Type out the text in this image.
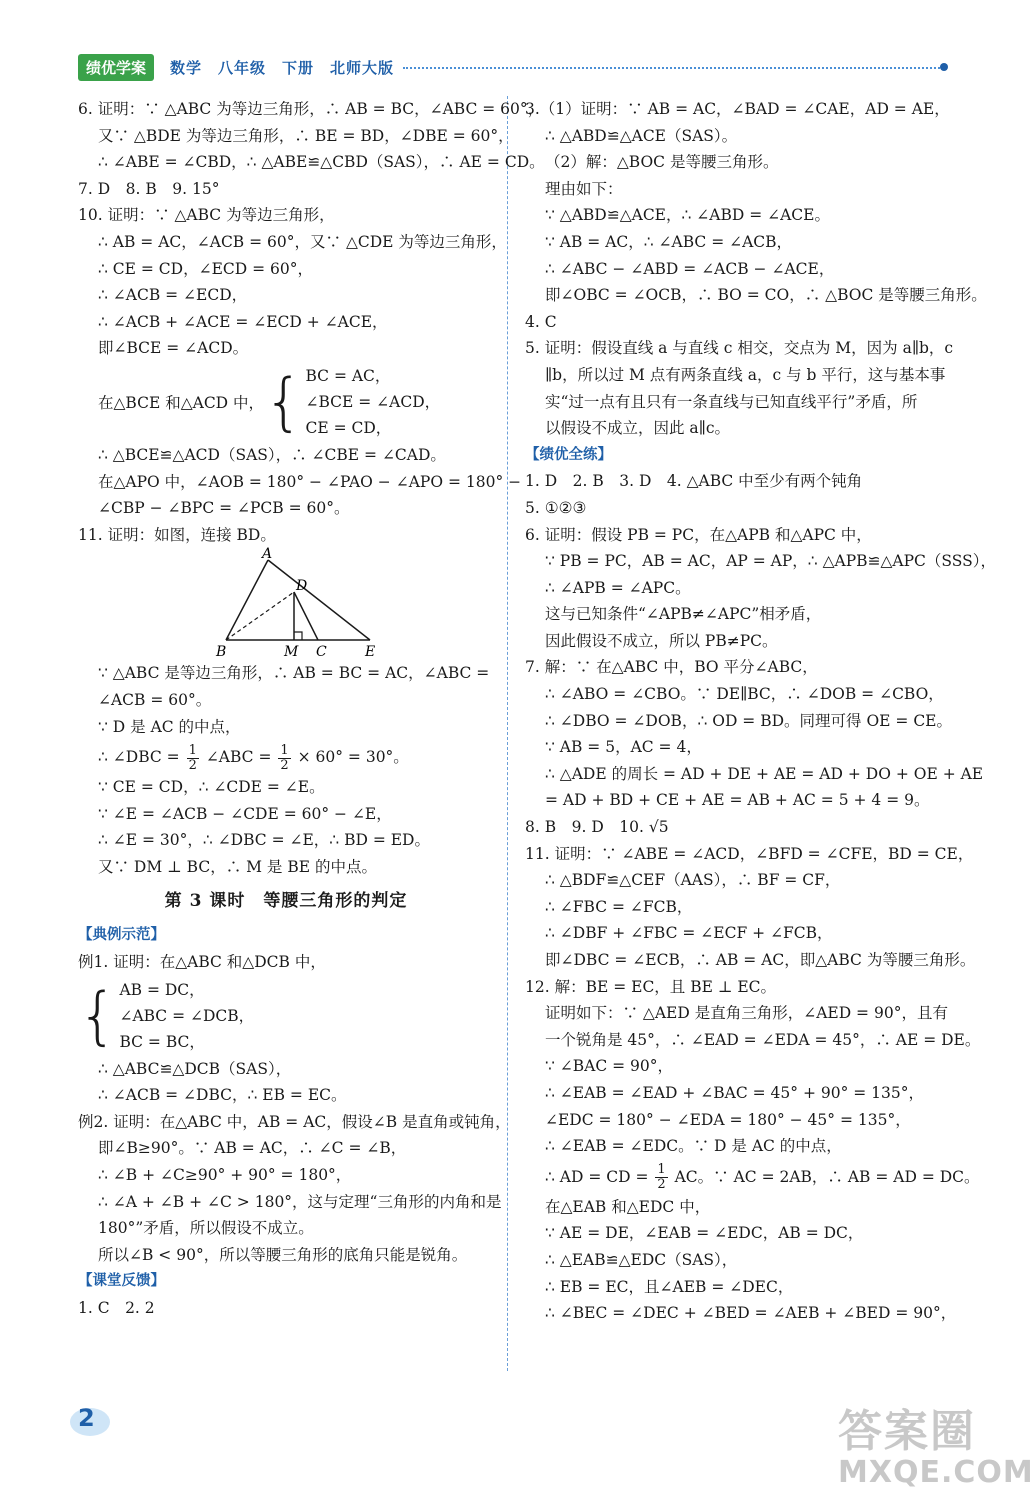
绩优学案	数学　八年级　下册　北师大版
6. 证明：∵ △ABC 为等边三角形，∴ AB = BC，∠ABC = 60°，
又∵ △BDE 为等边三角形，∴ BE = BD，∠DBE = 60°，
∴ ∠ABE = ∠CBD，∴ △ABE≌△CBD（SAS），∴ AE = CD。
7. D　8. B　9. 15°
10. 证明：∵ △ABC 为等边三角形，
∴ AB = AC，∠ACB = 60°，又∵ △CDE 为等边三角形，
∴ CE = CD，∠ECD = 60°，
∴ ∠ACB = ∠ECD，
∴ ∠ACB + ∠ACE = ∠ECD + ∠ACE，
即∠BCE = ∠ACD。
在△BCE 和△ACD 中， { BC = AC，
∠BCE = ∠ACD，
CE = CD，
∴ △BCE≌△ACD（SAS），∴ ∠CBE = ∠CAD。
在△APO 中，∠AOB = 180° − ∠PAO − ∠APO = 180° −
∠CBP − ∠BPC = ∠PCB = 60°。
11. 证明：如图，连接 BD。
A
B	C
D
E
M
∵ △ABC 是等边三角形，∴ AB = BC = AC，∠ABC =
∠ACB = 60°。
∵ D 是 AC 的中点，
∴ ∠DBC = $\frac{1}{2}$ ∠ABC = $\frac{1}{2} \times 60^\circ = 30^\circ$。
∵ CE = CD，∴ ∠CDE = ∠E。
∵ ∠E = ∠ACB − ∠CDE = 60° − ∠E，
∴ ∠E = 30°，∴ ∠DBC = ∠E，∴ BD = ED。
又∵ DM ⊥ BC，∴ M 是 BE 的中点。
第 3 课时　等腰三角形的判定
【典例示范】
例1. 证明：在△ABC 和△DCB 中，
{ AB = DC，
∠ABC = ∠DCB，
BC = BC，
∴ △ABC≌△DCB（SAS），
∴ ∠ACB = ∠DBC，∴ EB = EC。
例2. 证明：在△ABC 中，AB = AC，假设∠B 是直角或钝角，
即∠B≥90°。∵ AB = AC，∴ ∠C = ∠B，
∴ ∠B + ∠C≥90° + 90° = 180°，
∴ ∠A + ∠B + ∠C > 180°，这与定理“三角形的内角和是
180°”矛盾，所以假设不成立。
所以∠B < 90°，所以等腰三角形的底角只能是锐角。
【课堂反馈】
1. C　2. 2
3.（1）证明：∵ AB = AC，∠BAD = ∠CAE，AD = AE，
∴ △ABD≌△ACE（SAS）。
（2）解：△BOC 是等腰三角形。
理由如下：
∵ △ABD≌△ACE，∴ ∠ABD = ∠ACE。
∵ AB = AC，∴ ∠ABC = ∠ACB，
∴ ∠ABC − ∠ABD = ∠ACB − ∠ACE，
即∠OBC = ∠OCB，∴ BO = CO，∴ △BOC 是等腰三角形。
4. C
5. 证明：假设直线 a 与直线 c 相交，交点为 M，因为 a∥b，c
∥b，所以过 M 点有两条直线 a，c 与 b 平行，这与基本事
实“过一点有且只有一条直线与已知直线平行”矛盾，所
以假设不成立，因此 a∥c。
【绩优全练】
1. D　2. B　3. D　4. △ABC 中至少有两个钝角
5. ①②③
6. 证明：假设 PB = PC，在△APB 和△APC 中，
∵ PB = PC，AB = AC，AP = AP，∴ △APB≌△APC（SSS），
∴ ∠APB = ∠APC。
这与已知条件“∠APB≠∠APC”相矛盾，
因此假设不成立，所以 PB≠PC。
7. 解：∵ 在△ABC 中，BO 平分∠ABC，
∴ ∠ABO = ∠CBO。∵ DE∥BC，∴ ∠DOB = ∠CBO，
∴ ∠DBO = ∠DOB，∴ OD = BD。同理可得 OE = CE。
∵ AB = 5，AC = 4，
∴ △ADE 的周长 = AD + DE + AE = AD + DO + OE + AE
= AD + BD + CE + AE = AB + AC = 5 + 4 = 9。
8. B　9. D　10. √5
11. 证明：∵ ∠ABE = ∠ACD，∠BFD = ∠CFE，BD = CE，
∴ △BDF≌△CEF（AAS），∴ BF = CF，
∴ ∠FBC = ∠FCB，
∴ ∠DBF + ∠FBC = ∠ECF + ∠FCB，
即∠DBC = ∠ECB，∴ AB = AC，即△ABC 为等腰三角形。
12. 解：BE = EC，且 BE ⊥ EC。
证明如下：∵ △AED 是直角三角形，∠AED = 90°，且有
一个锐角是 45°，∴ ∠EAD = ∠EDA = 45°，∴ AE = DE。
∵ ∠BAC = 90°，
∴ ∠EAB = ∠EAD + ∠BAC = 45° + 90° = 135°，
∠EDC = 180° − ∠EDA = 180° − 45° = 135°，
∴ ∠EAB = ∠EDC。∵ D 是 AC 的中点，
∴ AD = CD = $\frac{1}{2}$ AC。∵ AC = 2AB，∴ AB = AD = DC。
在△EAB 和△EDC 中，
∵ AE = DE，∠EAB = ∠EDC，AB = DC，
∴ △EAB≌△EDC（SAS），
∴ EB = EC，且∠AEB = ∠DEC，
∴ ∠BEC = ∠DEC + ∠BED = ∠AEB + ∠BED = 90°，
2	答案圈
MXQE.COM
